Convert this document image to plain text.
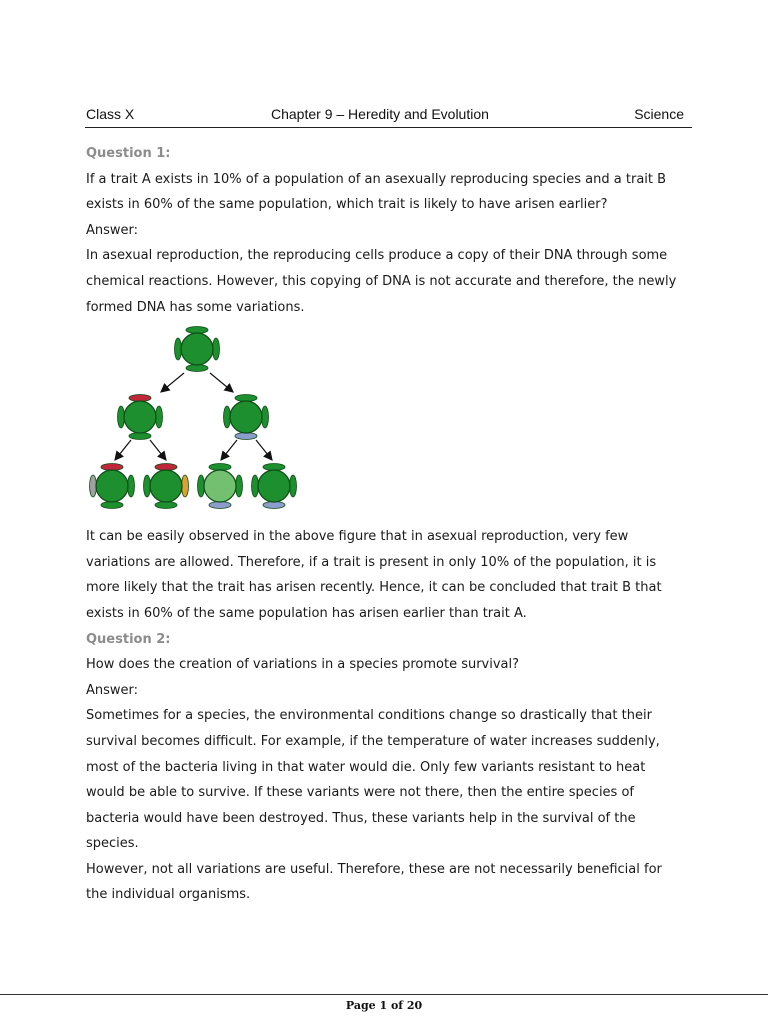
Class X	Chapter 9 – Heredity and Evolution	Science

Question 1:

If a trait A exists in 10% of a population of an asexually reproducing species and a trait B exists in 60% of the same population, which trait is likely to have arisen earlier?

Answer:

In asexual reproduction, the reproducing cells produce a copy of their DNA through some chemical reactions. However, this copying of DNA is not accurate and therefore, the newly formed DNA has some variations.

It can be easily observed in the above figure that in asexual reproduction, very few variations are allowed. Therefore, if a trait is present in only 10% of the population, it is more likely that the trait has arisen recently. Hence, it can be concluded that trait B that exists in 60% of the same population has arisen earlier than trait A.

Question 2:

How does the creation of variations in a species promote survival?

Answer:

Sometimes for a species, the environmental conditions change so drastically that their survival becomes difficult. For example, if the temperature of water increases suddenly, most of the bacteria living in that water would die. Only few variants resistant to heat would be able to survive. If these variants were not there, then the entire species of bacteria would have been destroyed. Thus, these variants help in the survival of the species.

However, not all variations are useful. Therefore, these are not necessarily beneficial for the individual organisms.

Page 1 of 20
